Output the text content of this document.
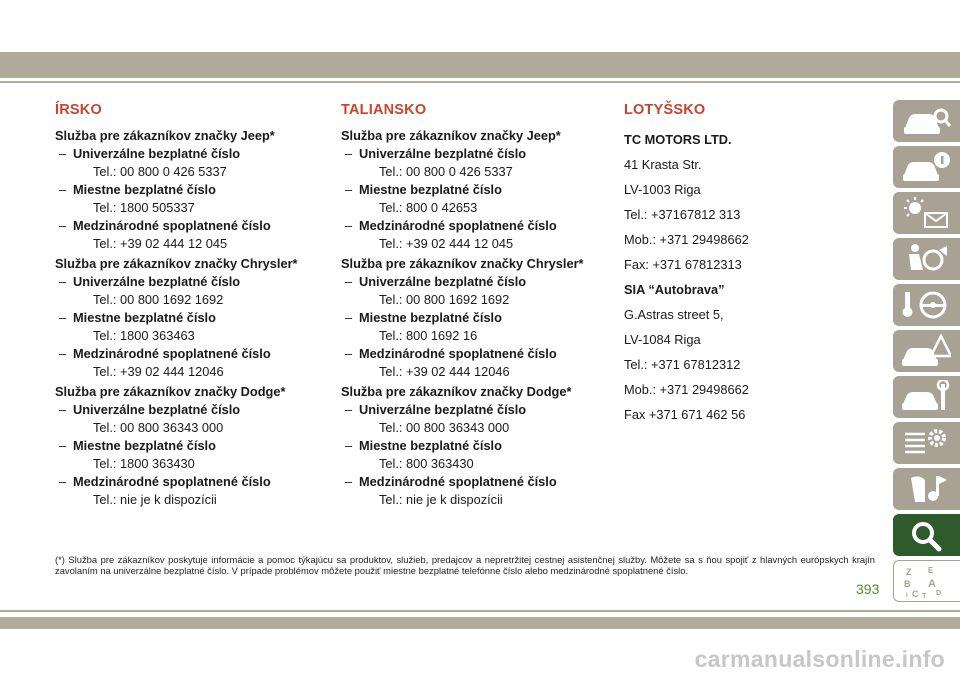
ÍRSKO
Služba pre zákazníkov značky Jeep*
– Univerzálne bezplatné číslo
Tel.: 00 800 0 426 5337
– Miestne bezplatné číslo
Tel.: 1800 505337
– Medzinárodné spoplatnené číslo
Tel.: +39 02 444 12 045
Služba pre zákazníkov značky Chrysler*
– Univerzálne bezplatné číslo
Tel.: 00 800 1692 1692
– Miestne bezplatné číslo
Tel.: 1800 363463
– Medzinárodné spoplatnené číslo
Tel.: +39 02 444 12046
Služba pre zákazníkov značky Dodge*
– Univerzálne bezplatné číslo
Tel.: 00 800 36343 000
– Miestne bezplatné číslo
Tel.: 1800 363430
– Medzinárodné spoplatnené číslo
Tel.: nie je k dispozícii
TALIANSKO
Služba pre zákazníkov značky Jeep*
– Univerzálne bezplatné číslo
Tel.: 00 800 0 426 5337
– Miestne bezplatné číslo
Tel.: 800 0 42653
– Medzinárodné spoplatnené číslo
Tel.: +39 02 444 12 045
Služba pre zákazníkov značky Chrysler*
– Univerzálne bezplatné číslo
Tel.: 00 800 1692 1692
– Miestne bezplatné číslo
Tel.: 800 1692 16
– Medzinárodné spoplatnené číslo
Tel.: +39 02 444 12046
Služba pre zákazníkov značky Dodge*
– Univerzálne bezplatné číslo
Tel.: 00 800 36343 000
– Miestne bezplatné číslo
Tel.: 800 363430
– Medzinárodné spoplatnené číslo
Tel.: nie je k dispozícii
LOTYŠSKO
TC MOTORS LTD.
41 Krasta Str.
LV-1003 Riga
Tel.: +37167812 313
Mob.: +371 29498662
Fax: +371 67812313
SIA “Autobrava”
G.Astras street 5,
LV-1084 Riga
Tel.: +371 67812312
Mob.: +371 29498662
Fax +371 671 462 56
(*) Služba pre zákazníkov poskytuje informácie a pomoc týkajúcu sa produktov, služieb, predajcov a nepretržitej cestnej asistenčnej služby. Môžete sa s ňou spojiť z hlavných európskych krajín zavolaním na univerzálne bezplatné číslo. V prípade problémov môžete použiť miestne bezplatné telefónne číslo alebo medzinárodné spoplatnené číslo.
393
Z E
B A
C
I	D
T
carmanualsonline.info
